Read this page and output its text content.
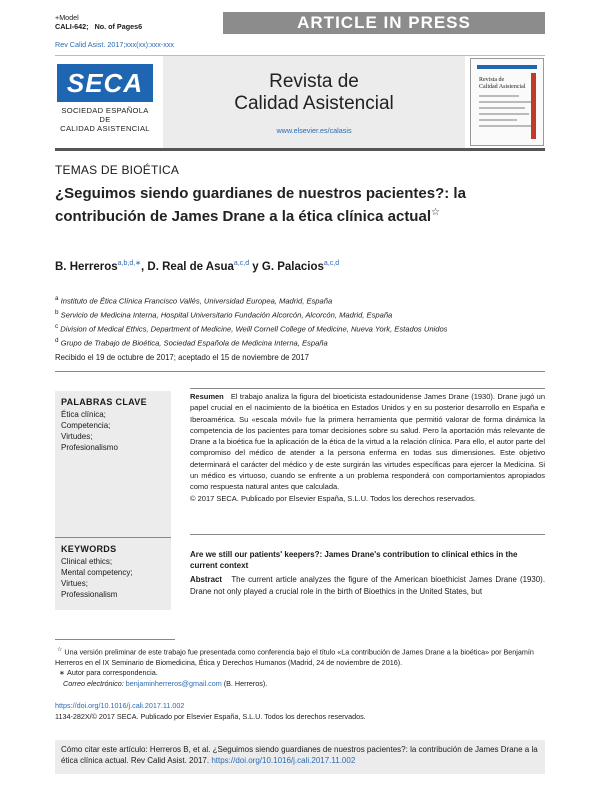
+Model
CALI-642; No. of Pages6	ARTICLE IN PRESS
Rev Calid Asist. 2017;xxx(xx):xxx-xxx
SECA
SOCIEDAD ESPAÑOLA DE
CALIDAD ASISTENCIAL
Revista de
Calidad Asistencial
www.elsevier.es/calasis
Revista de
Calidad Asistencial
TEMAS DE BIOÉTICA
¿Seguimos siendo guardianes de nuestros pacientes?: la contribución de James Drane a la ética clínica actual☆
B. Herreros$^{a,b,d,∗}$, D. Real de Asua$^{a,c,d}$ y G. Palacios$^{a,c,d}$
$^a$ Instituto de Ética Clínica Francisco Vallés, Universidad Europea, Madrid, España
$^b$ Servicio de Medicina Interna, Hospital Universitario Fundación Alcorcón, Alcorcón, Madrid, España
$^c$ Division of Medical Ethics, Department of Medicine, Weill Cornell College of Medicine, Nueva York, Estados Unidos
$^d$ Grupo de Trabajo de Bioética, Sociedad Española de Medicina Interna, España
Recibido el 19 de octubre de 2017; aceptado el 15 de noviembre de 2017
PALABRAS CLAVE
Ética clínica;
Competencia;
Virtudes;
Profesionalismo
Resumen El trabajo analiza la figura del bioeticista estadounidense James Drane (1930). Drane jugó un papel crucial en el nacimiento de la bioética en Estados Unidos y en su posterior desarrollo en España e Iberoamérica. Su «escala móvil» fue la primera herramienta que permitió valorar de forma dinámica la competencia de los pacientes para tomar decisiones sobre su salud. Pero la aportación más relevante de Drane a la bioética fue la aplicación de la ética de la virtud a la relación clínica. Para ello, el autor parte del compromiso del médico de atender a la persona enferma en todas sus dimensiones. Este objetivo determinará el carácter del médico y de este surgirán las virtudes específicas para ejercer la Medicina. Si un médico es virtuoso, cuando se enfrente a un problema responderá con comportamientos apropiados como respuesta natural antes que calculada.
© 2017 SECA. Publicado por Elsevier España, S.L.U. Todos los derechos reservados.
KEYWORDS
Clinical ethics;
Mental competency;
Virtues;
Professionalism
Are we still our patients' keepers?: James Drane's contribution to clinical ethics in the current context
Abstract The current article analyzes the figure of the American bioethicist James Drane (1930). Drane not only played a crucial role in the birth of Bioethics in the United States, but
☆ Una versión preliminar de este trabajo fue presentada como conferencia bajo el título «La contribución de James Drane a la bioética» por Benjamín Herreros en el IX Seminario de Biomedicina, Ética y Derechos Humanos (Madrid, 24 de noviembre de 2016).
∗ Autor para correspondencia.
Correo electrónico: benjaminherreros@gmail.com (B. Herreros).
https://doi.org/10.1016/j.cali.2017.11.002
1134-282X/© 2017 SECA. Publicado por Elsevier España, S.L.U. Todos los derechos reservados.
Cómo citar este artículo: Herreros B, et al. ¿Seguimos siendo guardianes de nuestros pacientes?: la contribución de James Drane a la ética clínica actual. Rev Calid Asist. 2017. https://doi.org/10.1016/j.cali.2017.11.002
